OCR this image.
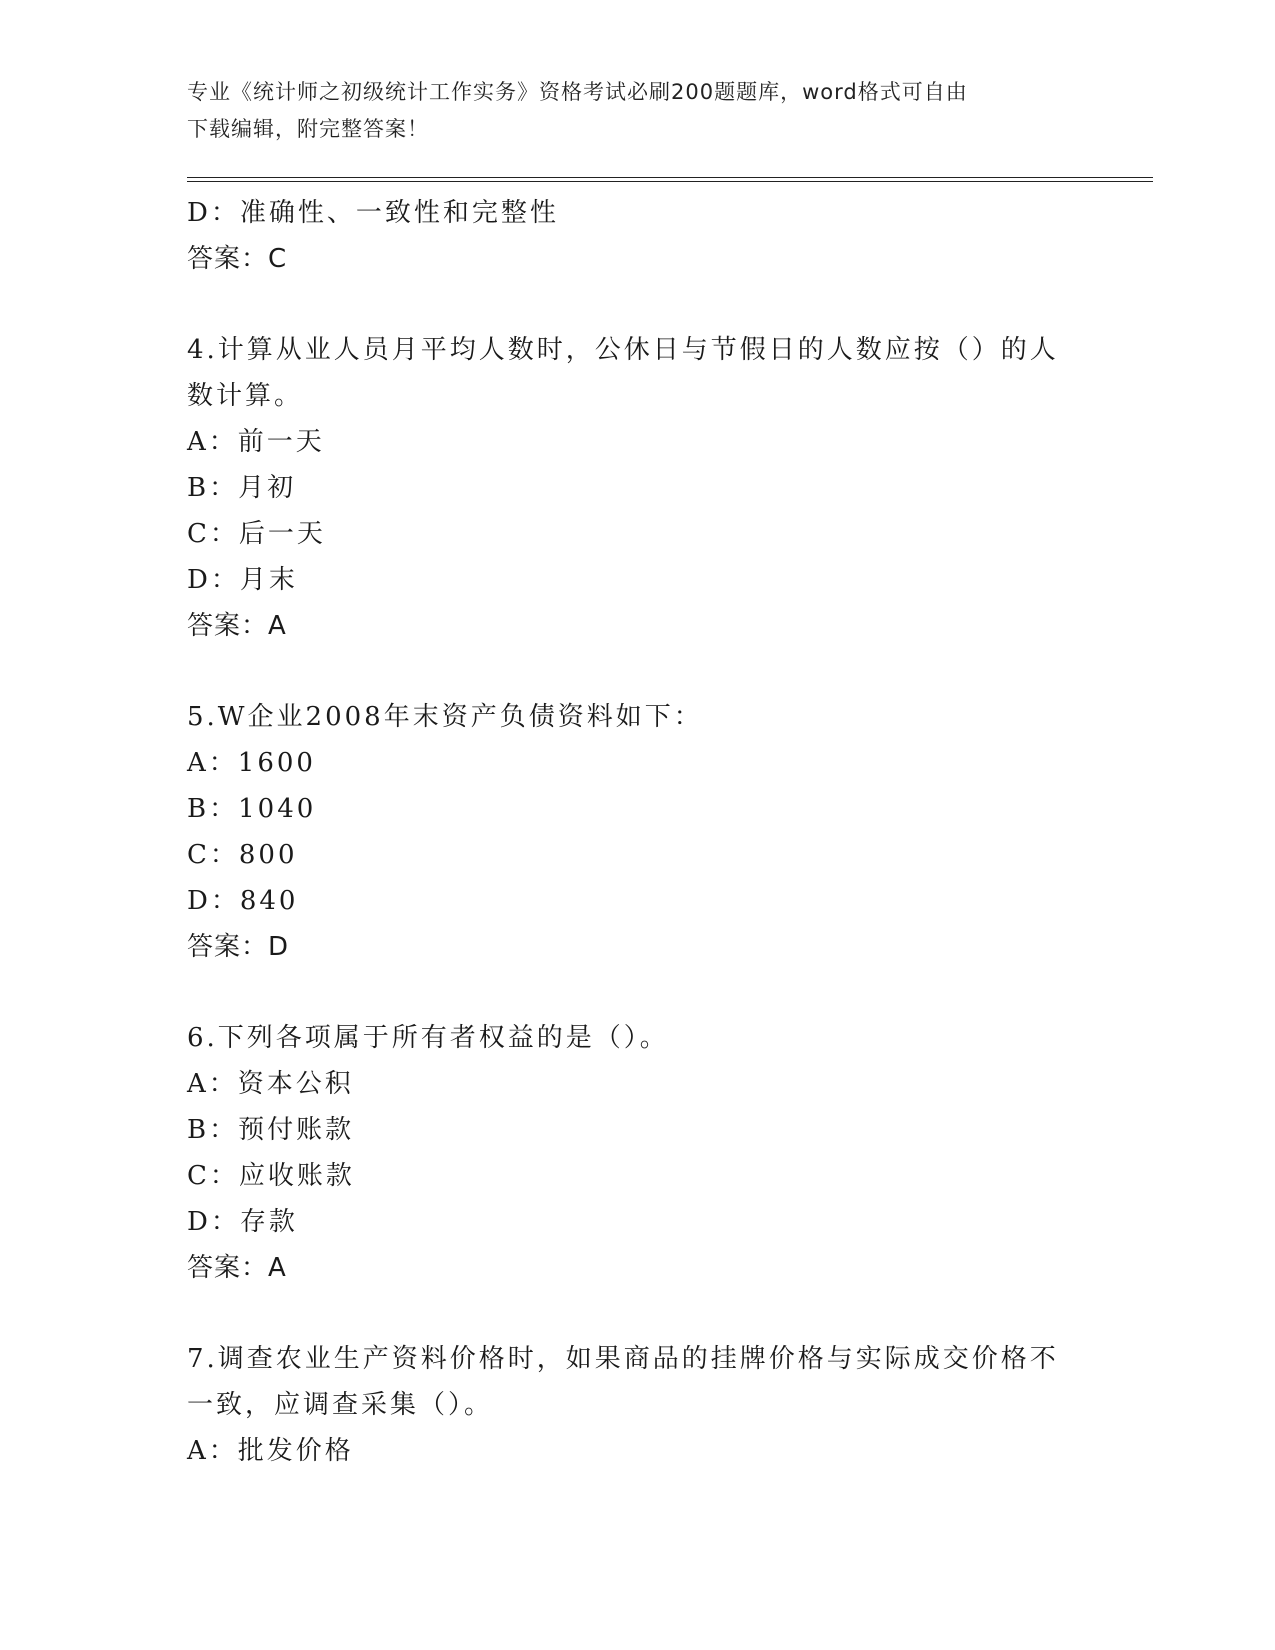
专业《统计师之初级统计工作实务》资格考试必刷200题题库，word格式可自由
下载编辑，附完整答案！
D：准确性、一致性和完整性
答案：C
4.计算从业人员月平均人数时，公休日与节假日的人数应按（）的人
数计算。
A：前一天
B：月初
C：后一天
D：月末
答案：A
5.W企业2008年末资产负债资料如下：
A：1600
B：1040
C：800
D：840
答案：D
6.下列各项属于所有者权益的是（）。
A：资本公积
B：预付账款
C：应收账款
D：存款
答案：A
7.调查农业生产资料价格时，如果商品的挂牌价格与实际成交价格不
一致，应调查采集（）。
A：批发价格
